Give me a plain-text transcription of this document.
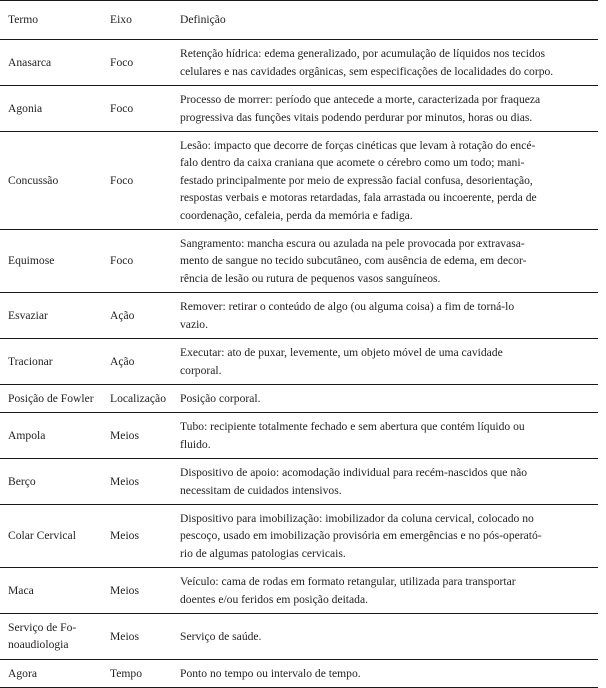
Termo	Eixo	Definição

Anasarca	Foco	Retenção hídrica: edema generalizado, por acumulação de líquidos nos tecidos
celulares e nas cavidades orgânicas, sem especificações de localidades do corpo.

Agonia	Foco	Processo de morrer: período que antecede a morte, caracterizada por fraqueza
progressiva das funções vitais podendo perdurar por minutos, horas ou dias.

Concussão	Foco	Lesão: impacto que decorre de forças cinéticas que levam à rotação do encé-
falo dentro da caixa craniana que acomete o cérebro como um todo; mani-
festado principalmente por meio de expressão facial confusa, desorientação,
respostas verbais e motoras retardadas, fala arrastada ou incoerente, perda de
coordenação, cefaleia, perda da memória e fadiga.

Equimose	Foco	Sangramento: mancha escura ou azulada na pele provocada por extravasa-
mento de sangue no tecido subcutâneo, com ausência de edema, em decor-
rência de lesão ou rutura de pequenos vasos sanguíneos.

Esvaziar	Ação	Remover: retirar o conteúdo de algo (ou alguma coisa) a fim de torná-lo
vazio.

Tracionar	Ação	Executar: ato de puxar, levemente, um objeto móvel de uma cavidade
corporal.

Posição de Fowler	Localização	Posição corporal.

Ampola	Meios	Tubo: recipiente totalmente fechado e sem abertura que contém líquido ou
fluido.

Berço	Meios	Dispositivo de apoio: acomodação individual para recém-nascidos que não
necessitam de cuidados intensivos.

Colar Cervical	Meios	Dispositivo para imobilização: imobilizador da coluna cervical, colocado no
pescoço, usado em imobilização provisória em emergências e no pós-operató-
rio de algumas patologias cervicais.

Maca	Meios	Veículo: cama de rodas em formato retangular, utilizada para transportar
doentes e/ou feridos em posição deitada.

Serviço de Fo-
noaudiologia	Meios	Serviço de saúde.

Agora	Tempo	Ponto no tempo ou intervalo de tempo.
